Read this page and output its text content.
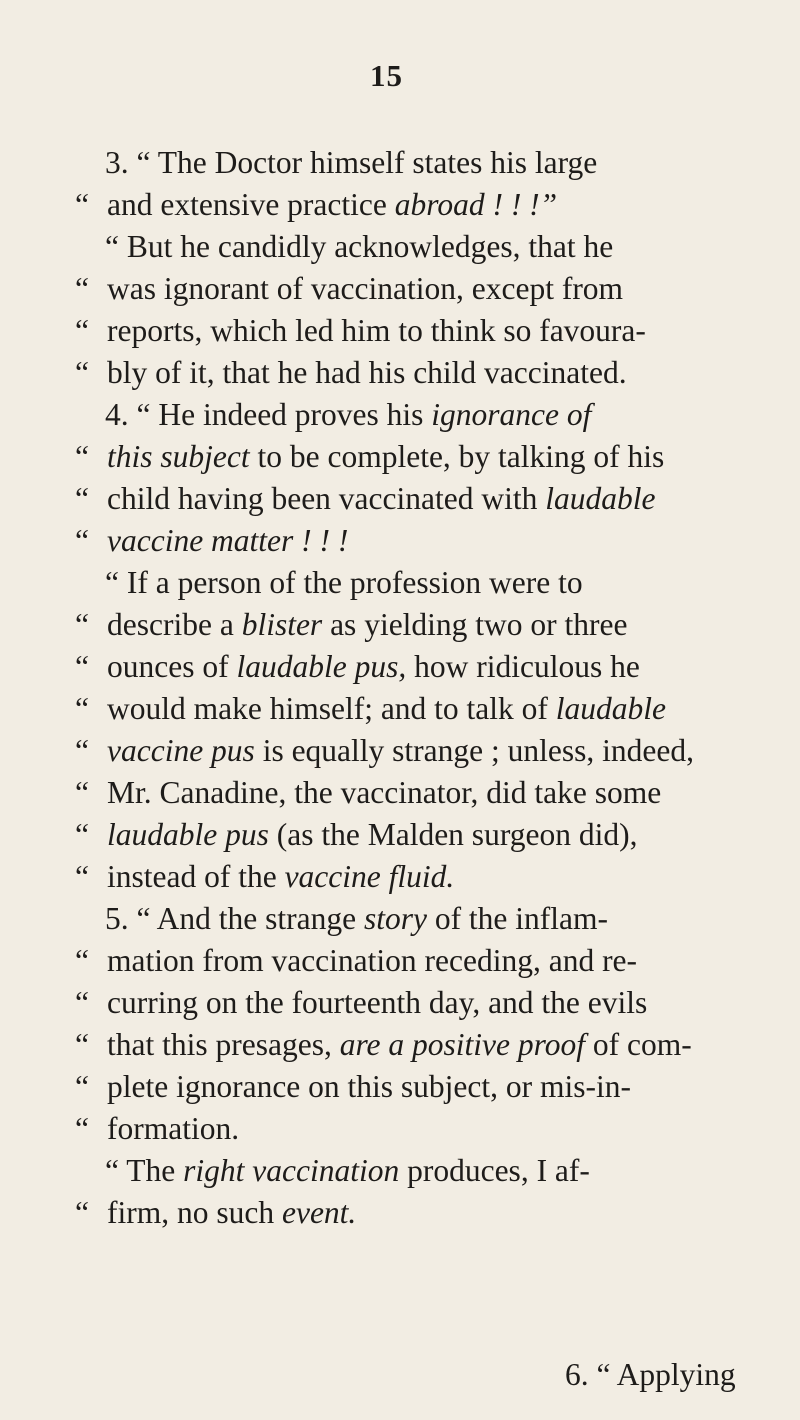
15
3. “ The Doctor himself states his large
“ and extensive practice abroad ! ! !”
“ But he candidly acknowledges, that he
“ was ignorant of vaccination, except from
“ reports, which led him to think so favoura-
“ bly of it, that he had his child vaccinated.
4. “ He indeed proves his ignorance of
“ this subject to be complete, by talking of his
“ child having been vaccinated with laudable
“ vaccine matter ! ! !
“ If a person of the profession were to
“ describe a blister as yielding two or three
“ ounces of laudable pus, how ridiculous he
“ would make himself; and to talk of laudable
“ vaccine pus is equally strange ; unless, indeed,
“ Mr. Canadine, the vaccinator, did take some
“ laudable pus (as the Malden surgeon did),
“ instead of the vaccine fluid.
5. “ And the strange story of the inflam-
“ mation from vaccination receding, and re-
“ curring on the fourteenth day, and the evils
“ that this presages, are a positive proof of com-
“ plete ignorance on this subject, or mis-in-
“ formation.
“ The right vaccination produces, I af-
“ firm, no such event.
6. “ Applying
